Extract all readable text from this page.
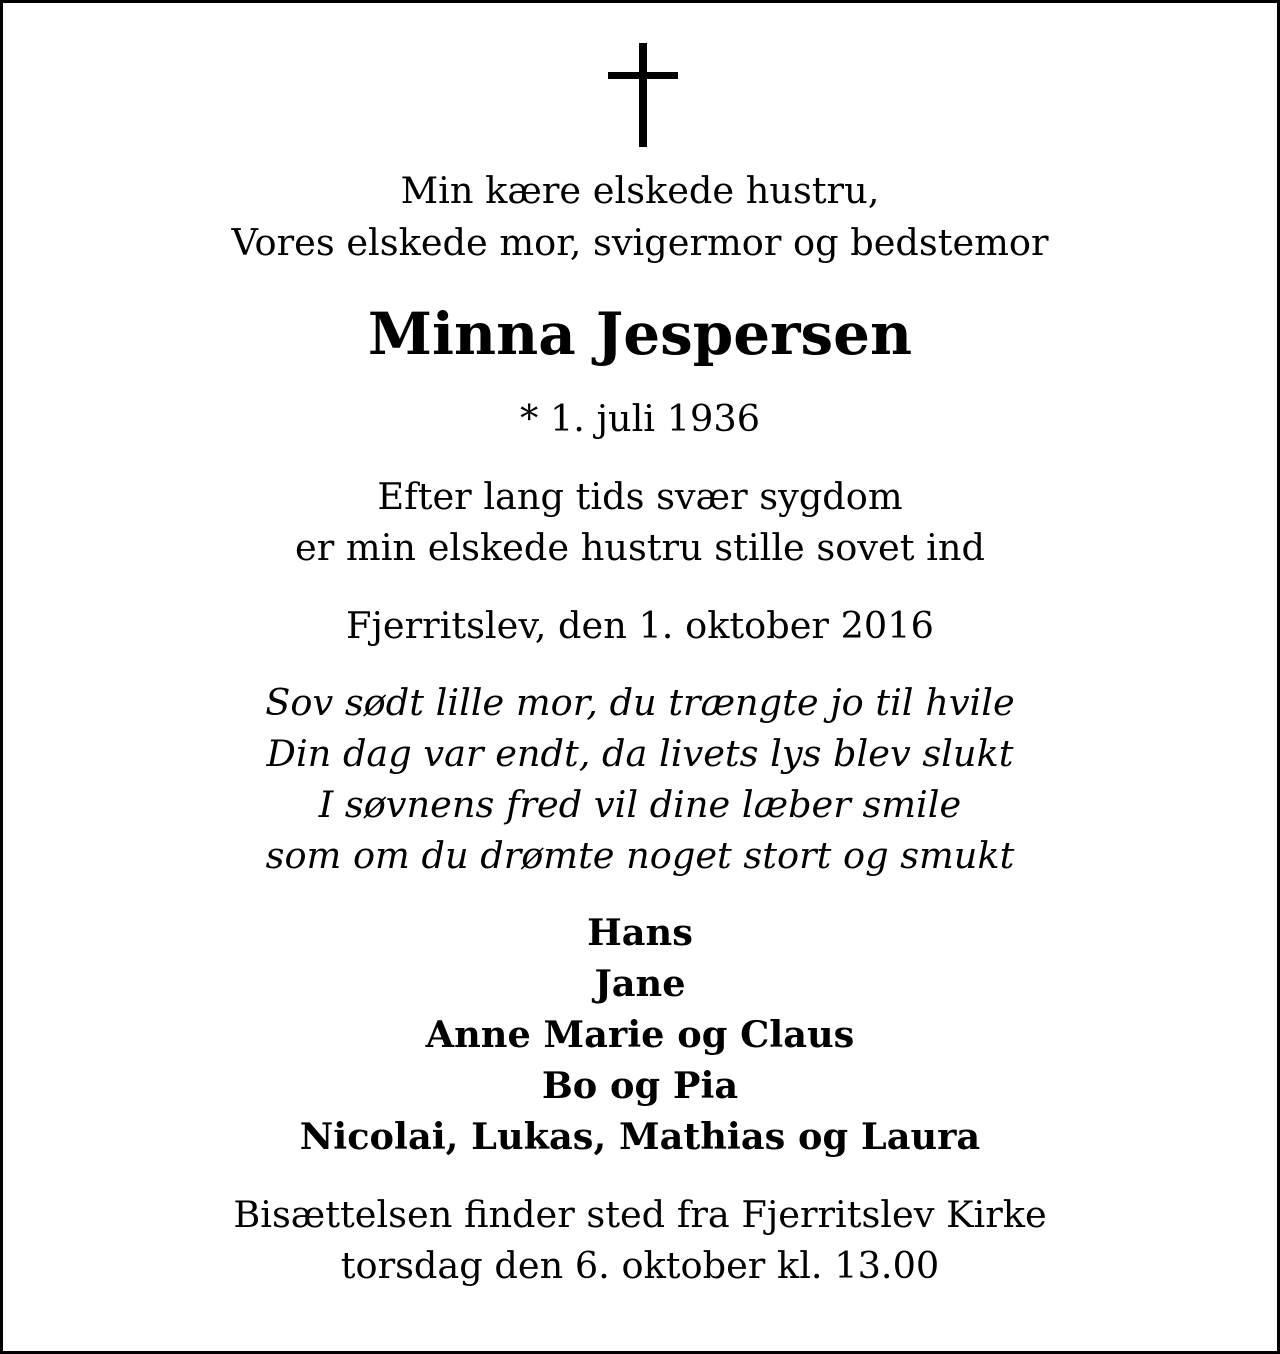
Min kære elskede hustru,
Vores elskede mor, svigermor og bedstemor
Minna Jespersen
* 1. juli 1936
Efter lang tids svær sygdom
er min elskede hustru stille sovet ind
Fjerritslev, den 1. oktober 2016
Sov sødt lille mor, du trængte jo til hvile
Din dag var endt, da livets lys blev slukt
I søvnens fred vil dine læber smile
som om du drømte noget stort og smukt
Hans
Jane
Anne Marie og Claus
Bo og Pia
Nicolai, Lukas, Mathias og Laura
Bisættelsen finder sted fra Fjerritslev Kirke
torsdag den 6. oktober kl. 13.00
